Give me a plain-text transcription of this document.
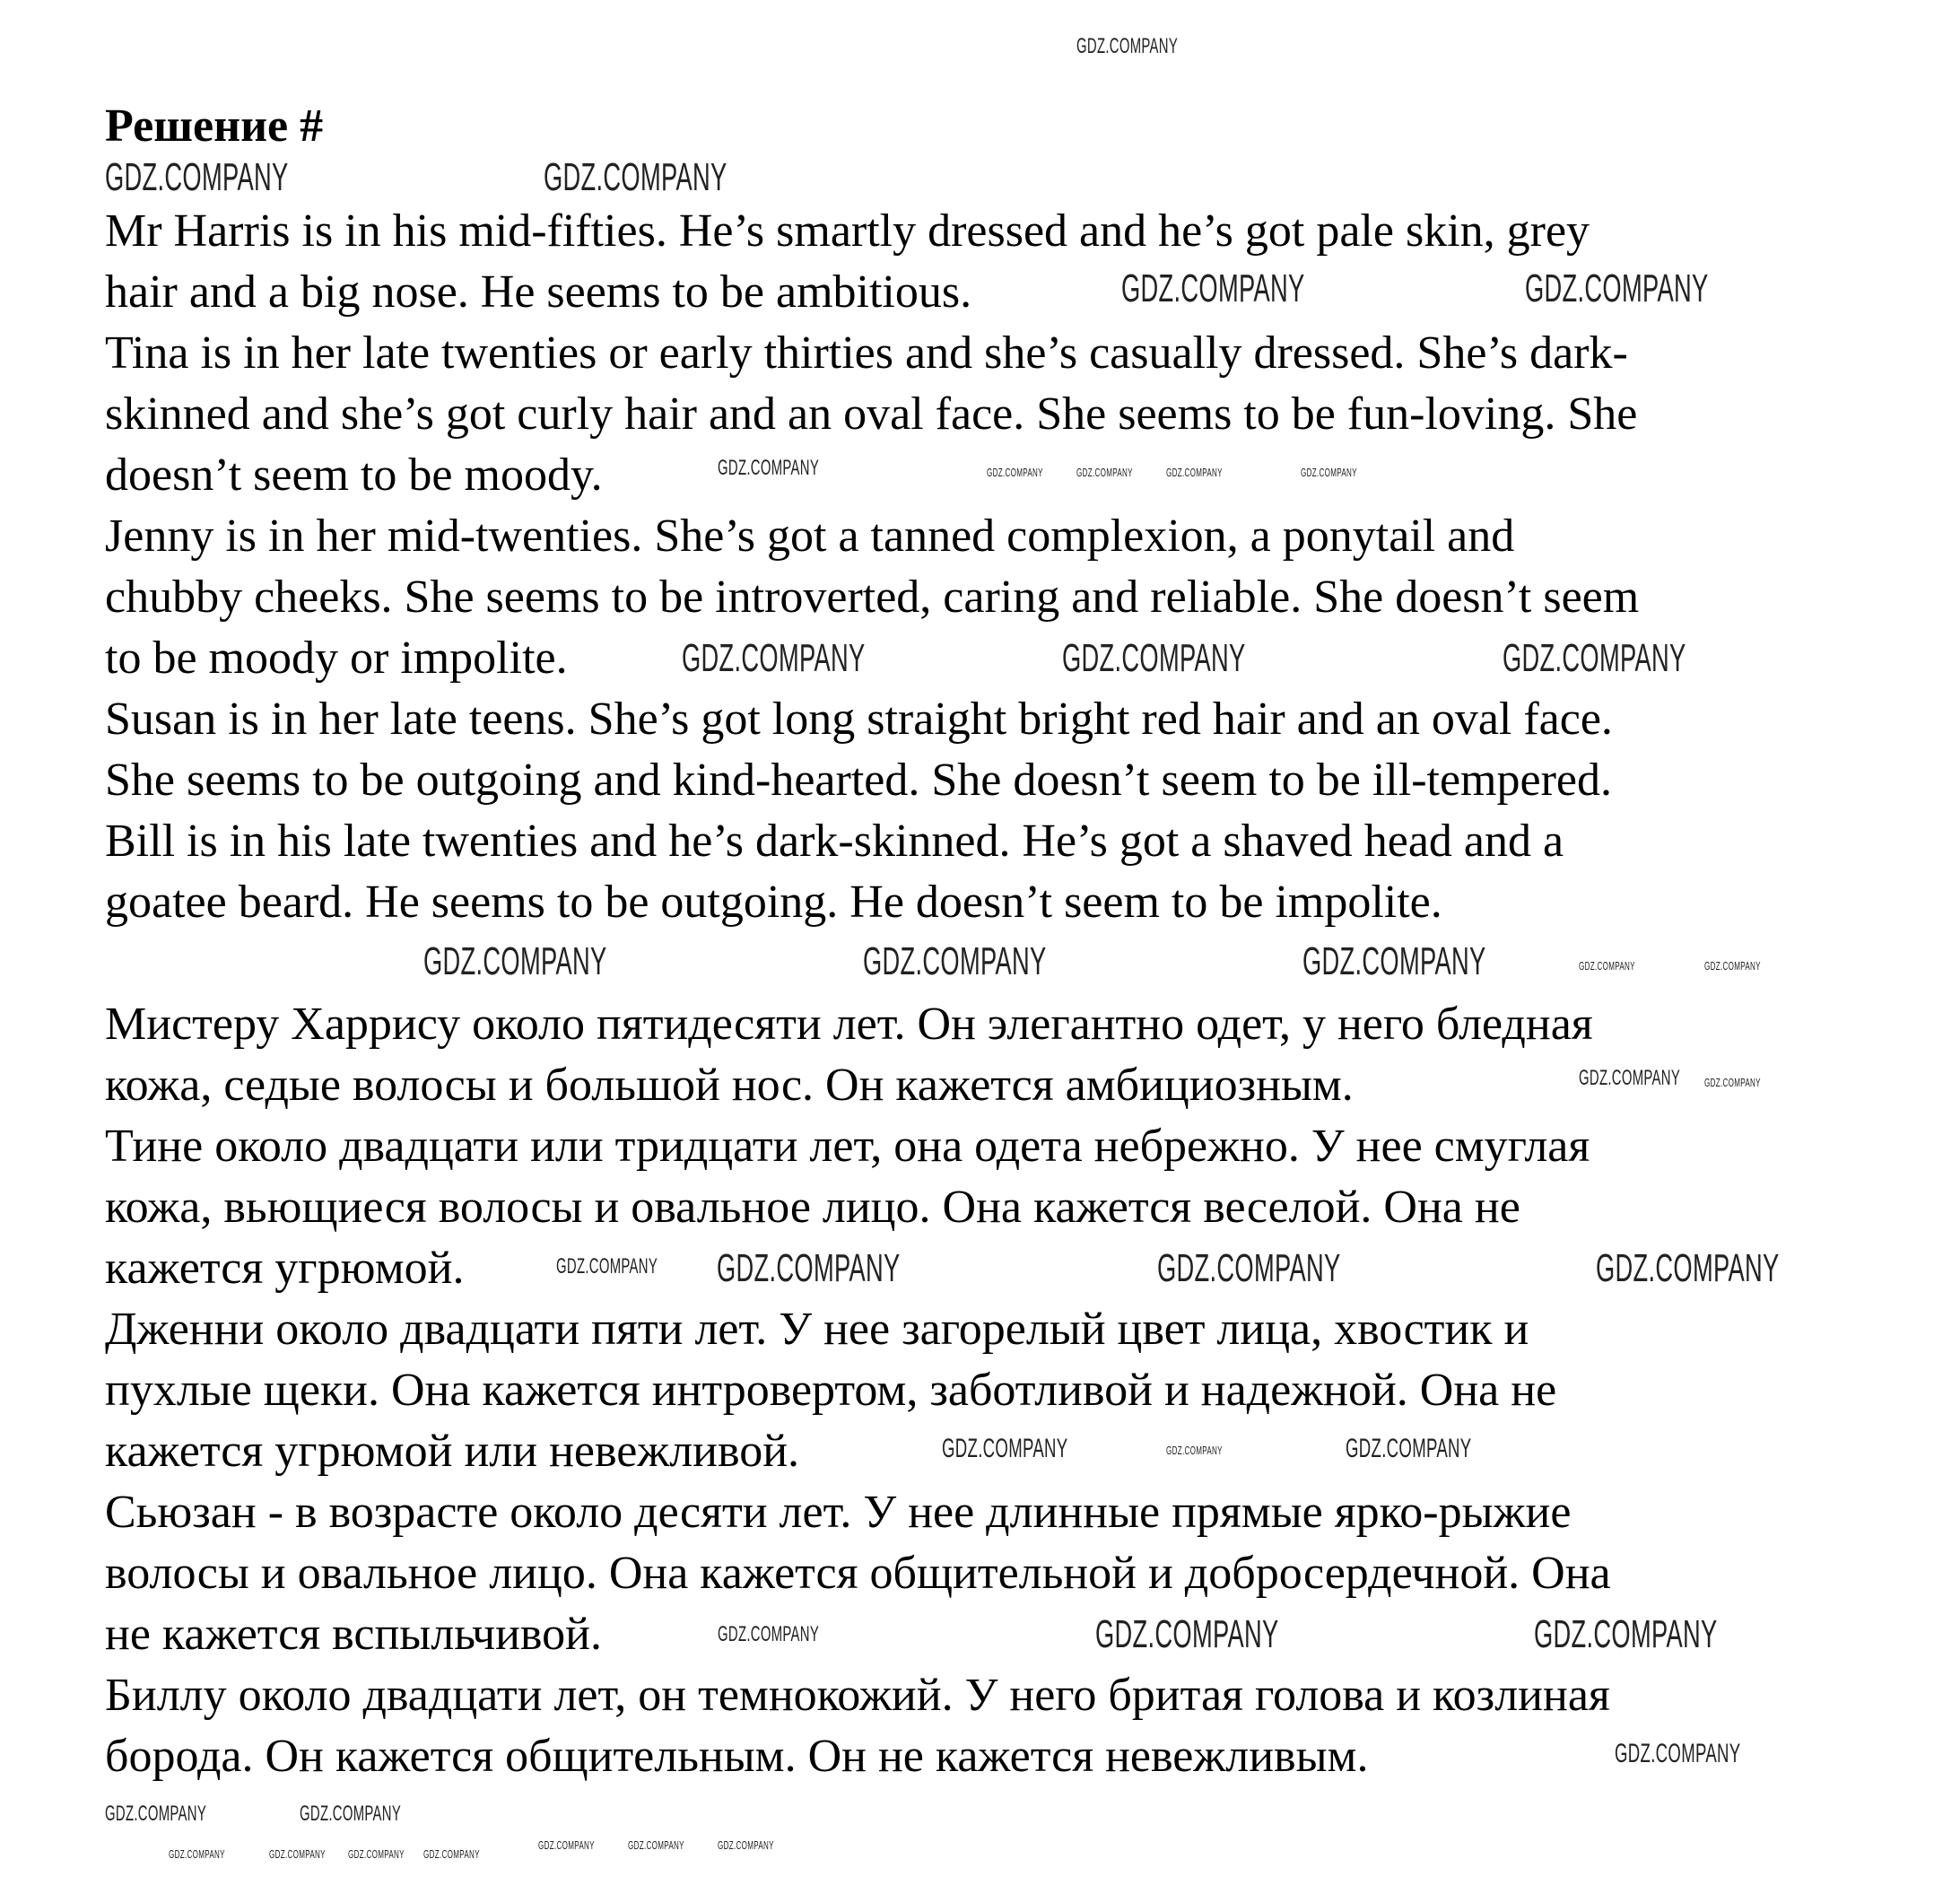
Решение #
Mr Harris is in his mid-fifties. He’s smartly dressed and he’s got pale skin, grey
hair and a big nose. He seems to be ambitious.
Tina is in her late twenties or early thirties and she’s casually dressed. She’s dark-
skinned and she’s got curly hair and an oval face. She seems to be fun-loving. She
doesn’t seem to be moody.
Jenny is in her mid-twenties. She’s got a tanned complexion, a ponytail and
chubby cheeks. She seems to be introverted, caring and reliable. She doesn’t seem
to be moody or impolite.
Susan is in her late teens. She’s got long straight bright red hair and an oval face.
She seems to be outgoing and kind-hearted. She doesn’t seem to be ill-tempered.
Bill is in his late twenties and he’s dark-skinned. He’s got a shaved head and a
goatee beard. He seems to be outgoing. He doesn’t seem to be impolite.
Мистеру Харрису около пятидесяти лет. Он элегантно одет, у него бледная
кожа, седые волосы и большой нос. Он кажется амбициозным.
Тине около двадцати или тридцати лет, она одета небрежно. У нее смуглая
кожа, вьющиеся волосы и овальное лицо. Она кажется веселой. Она не
кажется угрюмой.
Дженни около двадцати пяти лет. У нее загорелый цвет лица, хвостик и
пухлые щеки. Она кажется интровертом, заботливой и надежной. Она не
кажется угрюмой или невежливой.
Сьюзан - в возрасте около десяти лет. У нее длинные прямые ярко-рыжие
волосы и овальное лицо. Она кажется общительной и добросердечной. Она
не кажется вспыльчивой.
Биллу около двадцати лет, он темнокожий. У него бритая голова и козлиная
борода. Он кажется общительным. Он не кажется невежливым.
GDZ.COMPANY	GDZ.COMPANY
GDZ.COMPANY	GDZ.COMPANY
GDZ.COMPANY	GDZ.COMPANY	GDZ.COMPANY
GDZ.COMPANY	GDZ.COMPANY	GDZ.COMPANY
GDZ.COMPANY	GDZ.COMPANY	GDZ.COMPANY
GDZ.COMPANY	GDZ.COMPANY
GDZ.COMPANY	GDZ.COMPANY
GDZ.COMPANY
GDZ.COMPANY
GDZ.COMPANY	GDZ.COMPANY
GDZ.COMPANY
GDZ.COMPANY
GDZ.COMPANY
GDZ.COMPANY
GDZ.COMPANY	GDZ.COMPANY	GDZ.COMPANY	GDZ.COMPANY
GDZ.COMPANY
GDZ.COMPANY
GDZ.COMPANY
GDZ.COMPANY
GDZ.COMPANY
GDZ.COMPANY
GDZ.COMPANY
GDZ.COMPANY	GDZ.COMPANY GDZ.COMPANY GDZ.COMPANY
